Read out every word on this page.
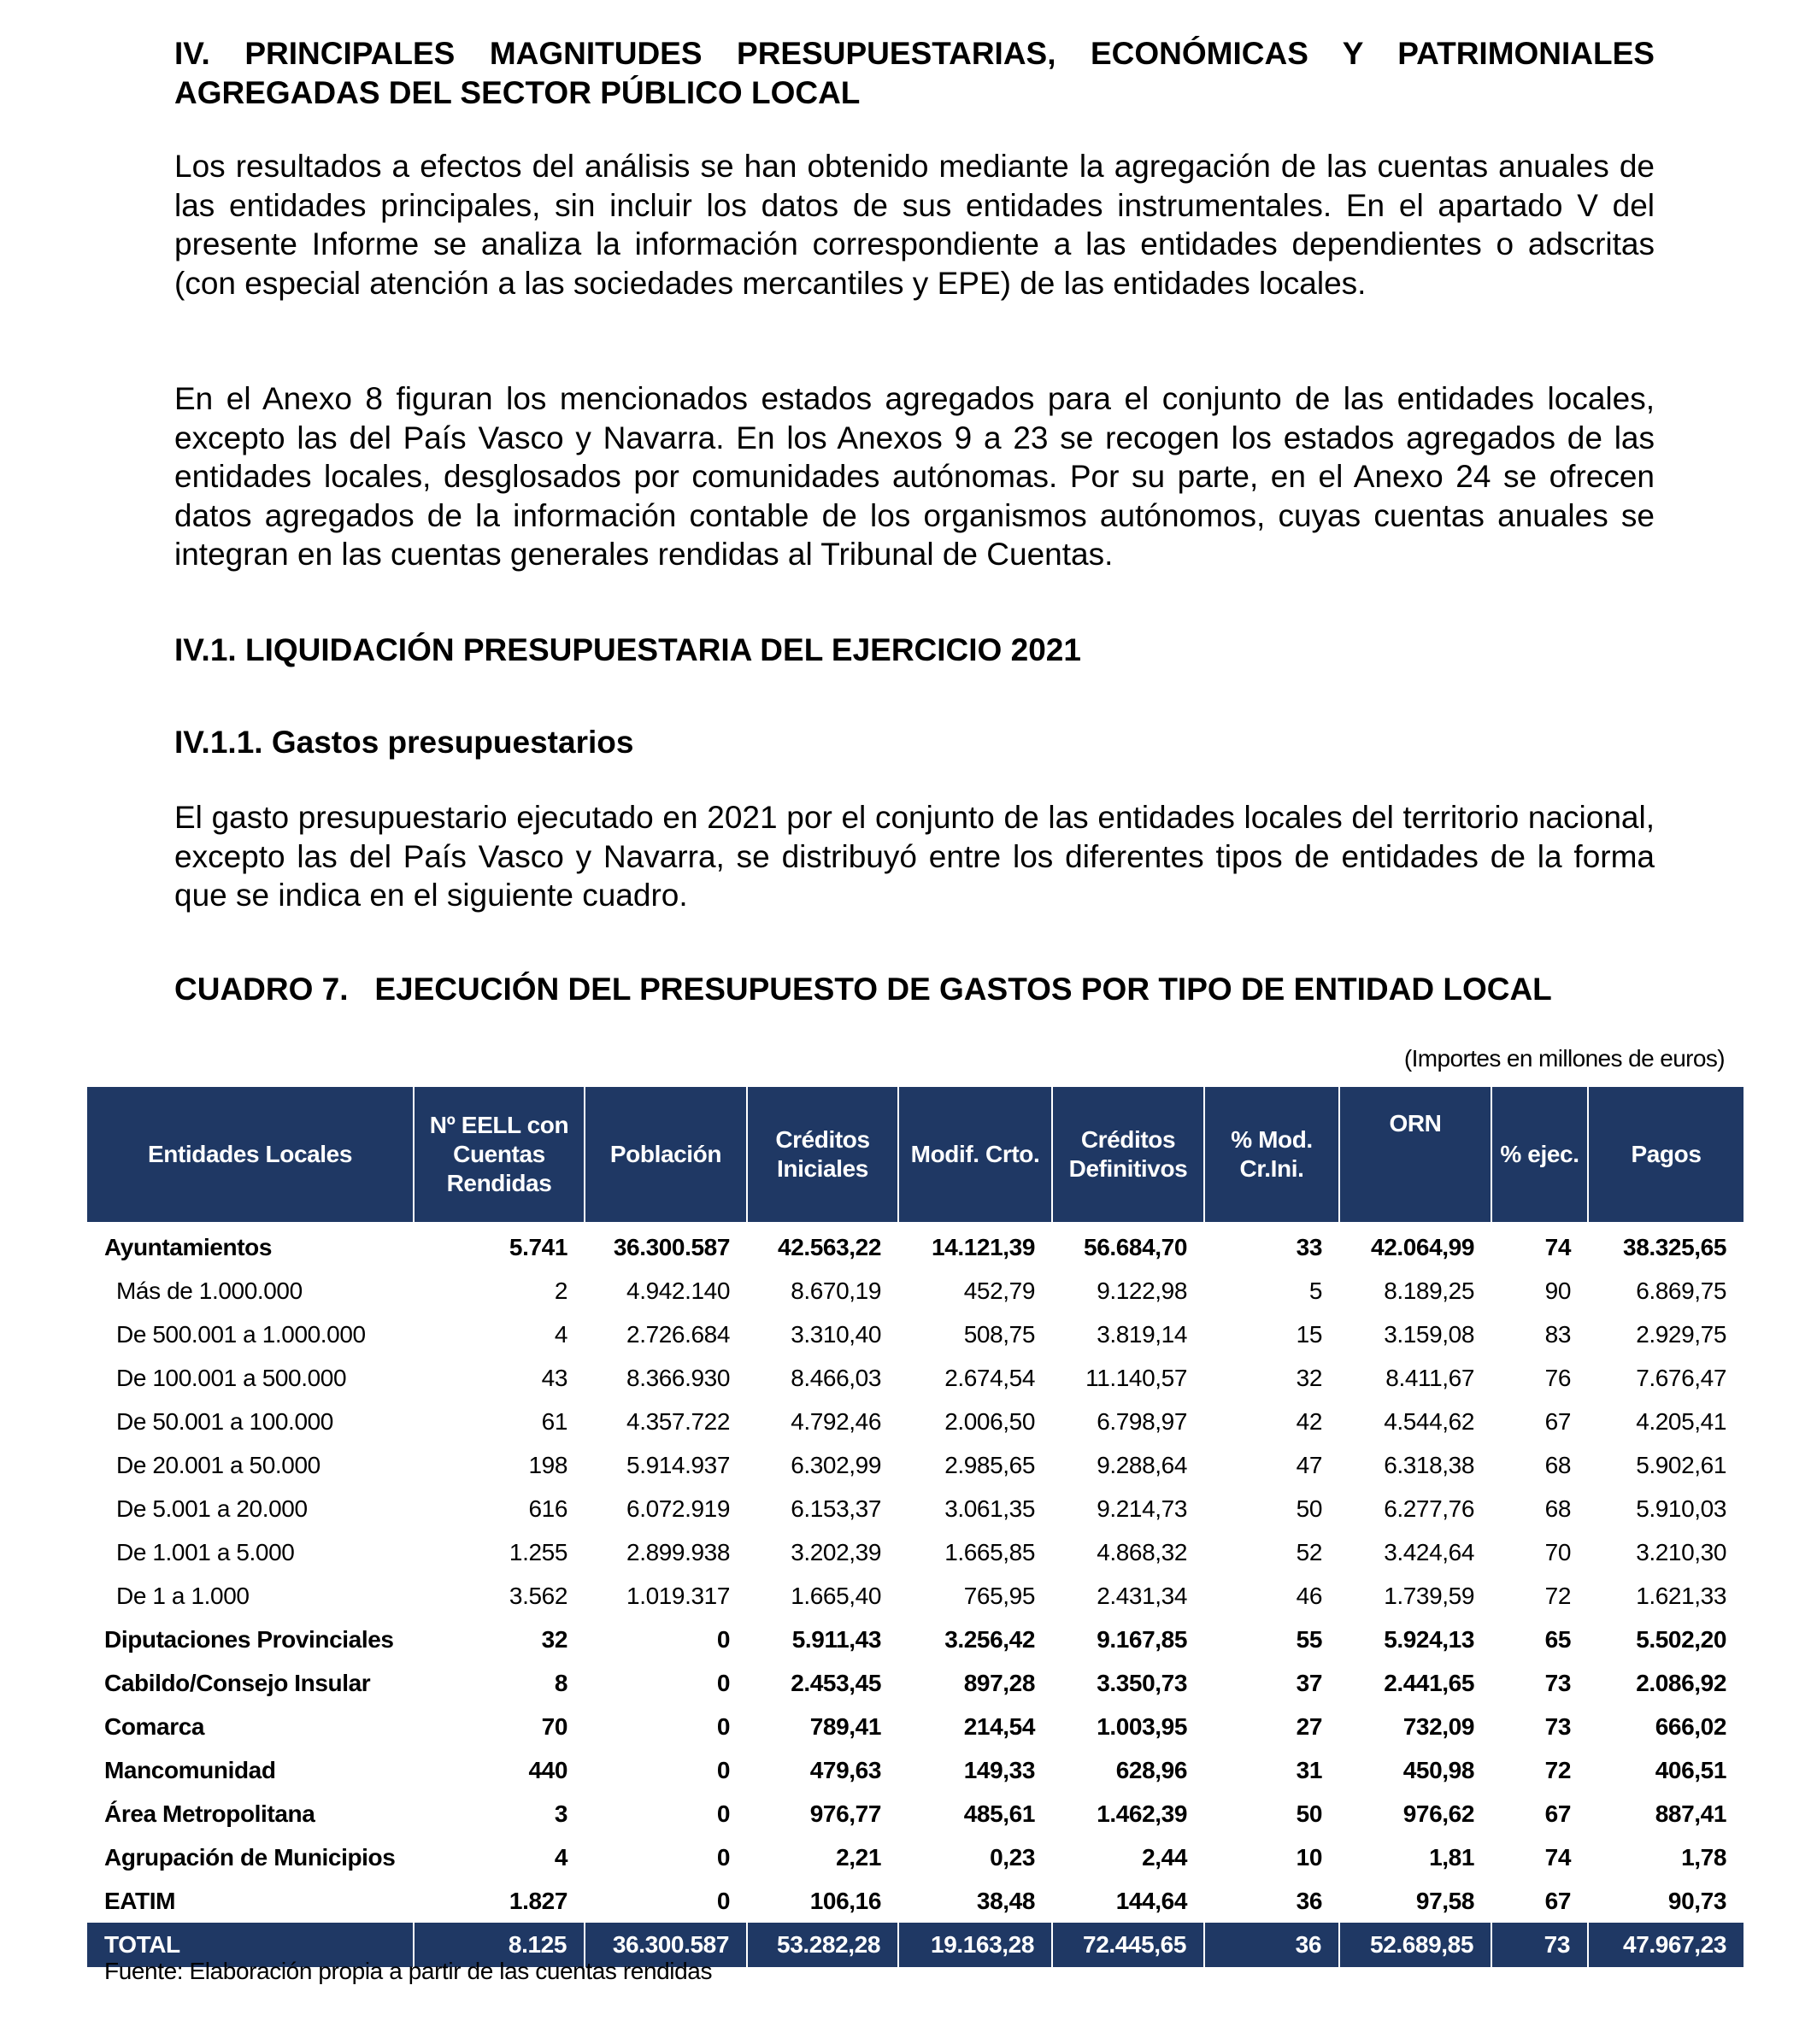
IV. PRINCIPALES MAGNITUDES PRESUPUESTARIAS, ECONÓMICAS Y PATRIMONIALES
AGREGADAS DEL SECTOR PÚBLICO LOCAL

Los resultados a efectos del análisis se han obtenido mediante la agregación de las cuentas anuales de las entidades principales, sin incluir los datos de sus entidades instrumentales. En el apartado V del presente Informe se analiza la información correspondiente a las entidades dependientes o adscritas (con especial atención a las sociedades mercantiles y EPE) de las entidades locales.

En el Anexo 8 figuran los mencionados estados agregados para el conjunto de las entidades locales, excepto las del País Vasco y Navarra. En los Anexos 9 a 23 se recogen los estados agregados de las entidades locales, desglosados por comunidades autónomas. Por su parte, en el Anexo 24 se ofrecen datos agregados de la información contable de los organismos autónomos, cuyas cuentas anuales se integran en las cuentas generales rendidas al Tribunal de Cuentas.

IV.1. LIQUIDACIÓN PRESUPUESTARIA DEL EJERCICIO 2021
IV.1.1. Gastos presupuestarios

El gasto presupuestario ejecutado en 2021 por el conjunto de las entidades locales del territorio nacional, excepto las del País Vasco y Navarra, se distribuyó entre los diferentes tipos de entidades de la forma que se indica en el siguiente cuadro.

CUADRO 7.   EJECUCIÓN DEL PRESUPUESTO DE GASTOS POR TIPO DE ENTIDAD LOCAL
(Importes en millones de euros)
Entidades Locales	Nº EELL con Cuentas Rendidas	Población	Créditos Iniciales	Modif. Crto.	Créditos Definitivos	% Mod. Cr.Ini.	ORN	% ejec.	Pagos
Ayuntamientos	5.741	36.300.587	42.563,22	14.121,39	56.684,70	33	42.064,99	74	38.325,65
Más de 1.000.000	2	4.942.140	8.670,19	452,79	9.122,98	5	8.189,25	90	6.869,75
De 500.001 a 1.000.000	4	2.726.684	3.310,40	508,75	3.819,14	15	3.159,08	83	2.929,75
De 100.001 a 500.000	43	8.366.930	8.466,03	2.674,54	11.140,57	32	8.411,67	76	7.676,47
De 50.001 a 100.000	61	4.357.722	4.792,46	2.006,50	6.798,97	42	4.544,62	67	4.205,41
De 20.001 a 50.000	198	5.914.937	6.302,99	2.985,65	9.288,64	47	6.318,38	68	5.902,61
De 5.001 a 20.000	616	6.072.919	6.153,37	3.061,35	9.214,73	50	6.277,76	68	5.910,03
De 1.001 a 5.000	1.255	2.899.938	3.202,39	1.665,85	4.868,32	52	3.424,64	70	3.210,30
De 1 a 1.000	3.562	1.019.317	1.665,40	765,95	2.431,34	46	1.739,59	72	1.621,33
Diputaciones Provinciales	32	0	5.911,43	3.256,42	9.167,85	55	5.924,13	65	5.502,20
Cabildo/Consejo Insular	8	0	2.453,45	897,28	3.350,73	37	2.441,65	73	2.086,92
Comarca	70	0	789,41	214,54	1.003,95	27	732,09	73	666,02
Mancomunidad	440	0	479,63	149,33	628,96	31	450,98	72	406,51
Área Metropolitana	3	0	976,77	485,61	1.462,39	50	976,62	67	887,41
Agrupación de Municipios	4	0	2,21	0,23	2,44	10	1,81	74	1,78
EATIM	1.827	0	106,16	38,48	144,64	36	97,58	67	90,73
TOTAL	8.125	36.300.587	53.282,28	19.163,28	72.445,65	36	52.689,85	73	47.967,23
Fuente: Elaboración propia a partir de las cuentas rendidas
